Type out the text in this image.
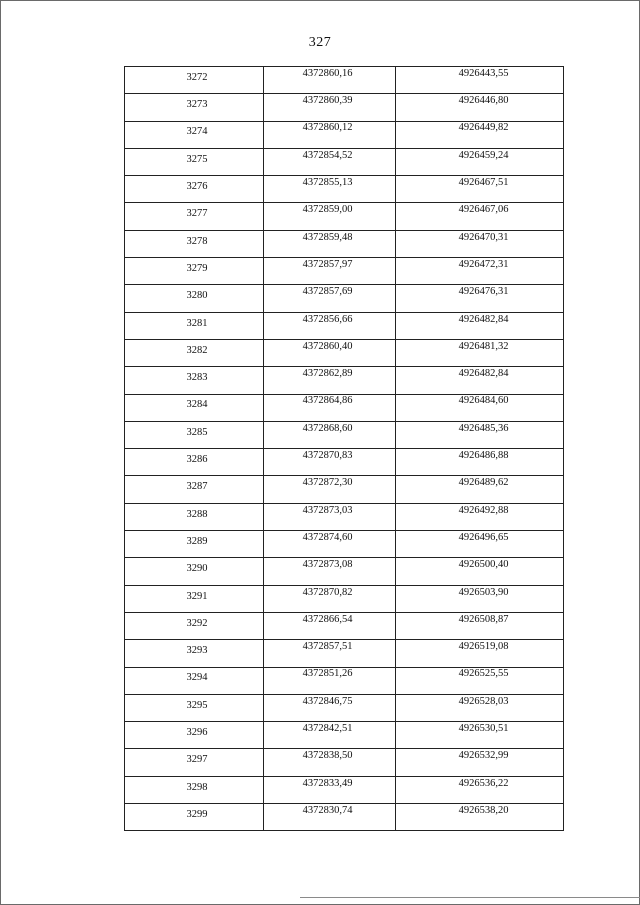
327
3272	4372860,16	4926443,55
3273	4372860,39	4926446,80
3274	4372860,12	4926449,82
3275	4372854,52	4926459,24
3276	4372855,13	4926467,51
3277	4372859,00	4926467,06
3278	4372859,48	4926470,31
3279	4372857,97	4926472,31
3280	4372857,69	4926476,31
3281	4372856,66	4926482,84
3282	4372860,40	4926481,32
3283	4372862,89	4926482,84
3284	4372864,86	4926484,60
3285	4372868,60	4926485,36
3286	4372870,83	4926486,88
3287	4372872,30	4926489,62
3288	4372873,03	4926492,88
3289	4372874,60	4926496,65
3290	4372873,08	4926500,40
3291	4372870,82	4926503,90
3292	4372866,54	4926508,87
3293	4372857,51	4926519,08
3294	4372851,26	4926525,55
3295	4372846,75	4926528,03
3296	4372842,51	4926530,51
3297	4372838,50	4926532,99
3298	4372833,49	4926536,22
3299	4372830,74	4926538,20
